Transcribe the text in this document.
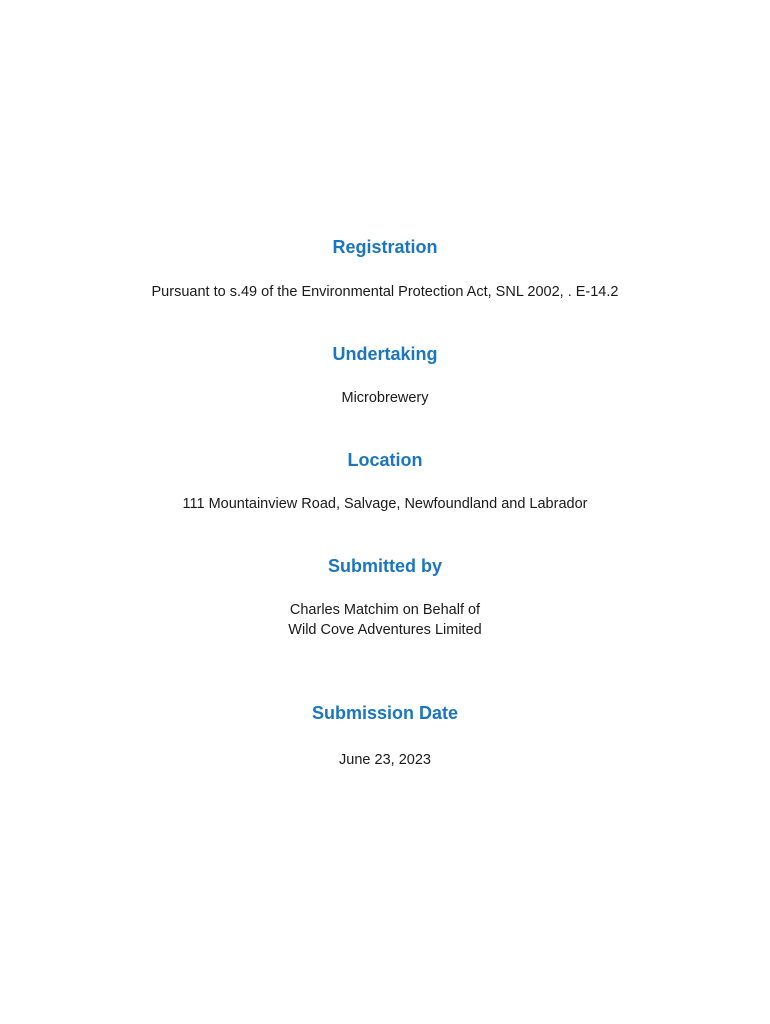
Registration

Pursuant to s.49 of the Environmental Protection Act, SNL 2002, . E-14.2

Undertaking

Microbrewery

Location

111 Mountainview Road, Salvage, Newfoundland and Labrador

Submitted by

Charles Matchim on Behalf of
Wild Cove Adventures Limited

Submission Date

June 23, 2023
